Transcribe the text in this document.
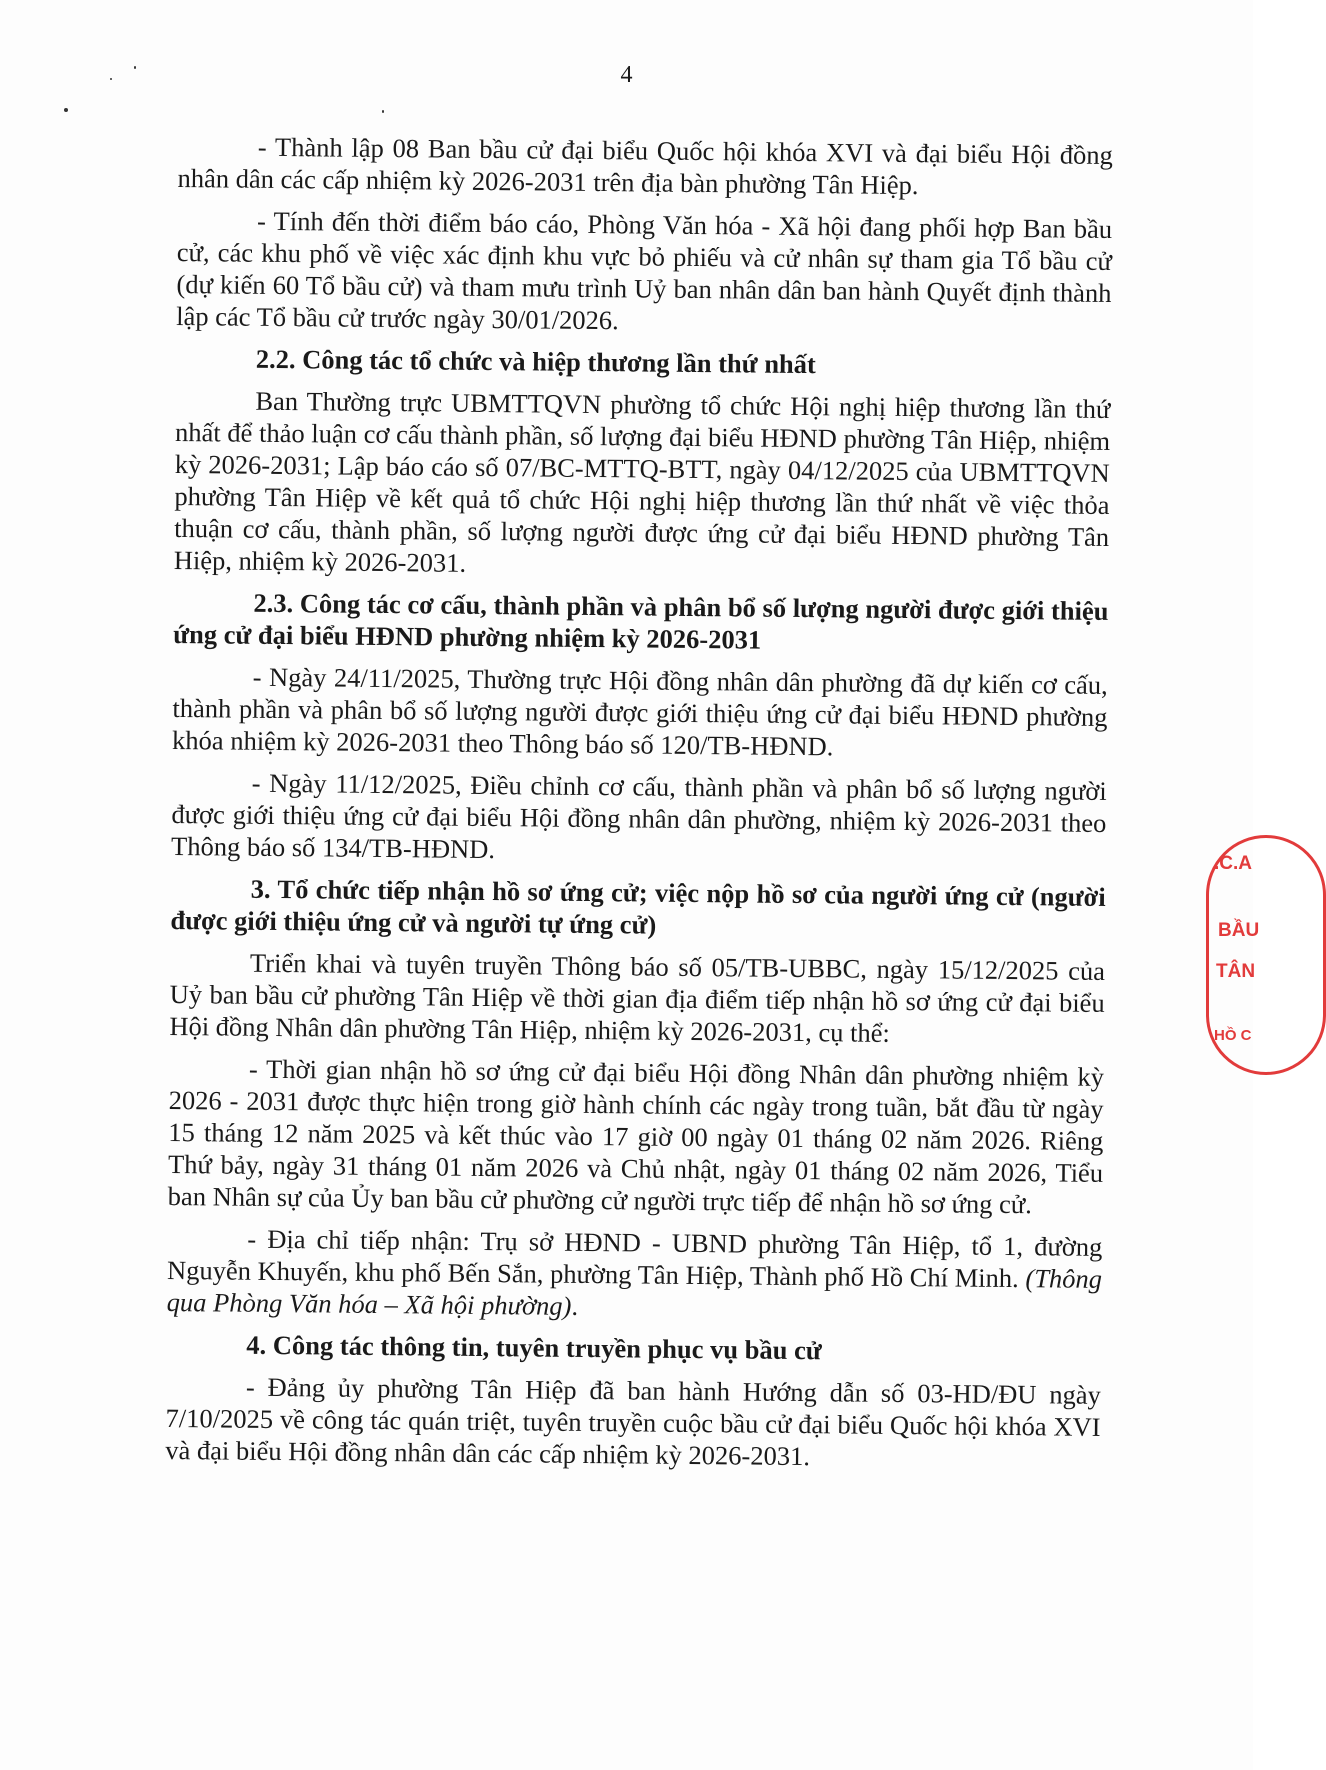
4

- Thành lập 08 Ban bầu cử đại biểu Quốc hội khóa XVI và đại biểu Hội đồng nhân dân các cấp nhiệm kỳ 2026-2031 trên địa bàn phường Tân Hiệp.

- Tính đến thời điểm báo cáo, Phòng Văn hóa - Xã hội đang phối hợp Ban bầu cử, các khu phố về việc xác định khu vực bỏ phiếu và cử nhân sự tham gia Tổ bầu cử (dự kiến 60 Tổ bầu cử) và tham mưu trình Uỷ ban nhân dân ban hành Quyết định thành lập các Tổ bầu cử trước ngày 30/01/2026.

2.2. Công tác tổ chức và hiệp thương lần thứ nhất

Ban Thường trực UBMTTQVN phường tổ chức Hội nghị hiệp thương lần thứ nhất để thảo luận cơ cấu thành phần, số lượng đại biểu HĐND phường Tân Hiệp, nhiệm kỳ 2026-2031; Lập báo cáo số 07/BC-MTTQ-BTT, ngày 04/12/2025 của UBMTTQVN phường Tân Hiệp về kết quả tổ chức Hội nghị hiệp thương lần thứ nhất về việc thỏa thuận cơ cấu, thành phần, số lượng người được ứng cử đại biểu HĐND phường Tân Hiệp, nhiệm kỳ 2026-2031.

2.3. Công tác cơ cấu, thành phần và phân bổ số lượng người được giới thiệu ứng cử đại biểu HĐND phường nhiệm kỳ 2026-2031

- Ngày 24/11/2025, Thường trực Hội đồng nhân dân phường đã dự kiến cơ cấu, thành phần và phân bổ số lượng người được giới thiệu ứng cử đại biểu HĐND phường khóa nhiệm kỳ 2026-2031 theo Thông báo số 120/TB-HĐND.

- Ngày 11/12/2025, Điều chỉnh cơ cấu, thành phần và phân bổ số lượng người được giới thiệu ứng cử đại biểu Hội đồng nhân dân phường, nhiệm kỳ 2026-2031 theo Thông báo số 134/TB-HĐND.

3. Tổ chức tiếp nhận hồ sơ ứng cử; việc nộp hồ sơ của người ứng cử (người được giới thiệu ứng cử và người tự ứng cử)

Triển khai và tuyên truyền Thông báo số 05/TB-UBBC, ngày 15/12/2025 của Uỷ ban bầu cử phường Tân Hiệp về thời gian địa điểm tiếp nhận hồ sơ ứng cử đại biểu Hội đồng Nhân dân phường Tân Hiệp, nhiệm kỳ 2026-2031, cụ thể:

- Thời gian nhận hồ sơ ứng cử đại biểu Hội đồng Nhân dân phường nhiệm kỳ 2026 - 2031 được thực hiện trong giờ hành chính các ngày trong tuần, bắt đầu từ ngày 15 tháng 12 năm 2025 và kết thúc vào 17 giờ 00 ngày 01 tháng 02 năm 2026. Riêng Thứ bảy, ngày 31 tháng 01 năm 2026 và Chủ nhật, ngày 01 tháng 02 năm 2026, Tiểu ban Nhân sự của Ủy ban bầu cử phường cử người trực tiếp để nhận hồ sơ ứng cử.

- Địa chỉ tiếp nhận: Trụ sở HĐND - UBND phường Tân Hiệp, tổ 1, đường Nguyễn Khuyến, khu phố Bến Sắn, phường Tân Hiệp, Thành phố Hồ Chí Minh. (Thông qua Phòng Văn hóa – Xã hội phường).

4. Công tác thông tin, tuyên truyền phục vụ bầu cử

- Đảng ủy phường Tân Hiệp đã ban hành Hướng dẫn số 03-HD/ĐU ngày 7/10/2025 về công tác quán triệt, tuyên truyền cuộc bầu cử đại biểu Quốc hội khóa XVI và đại biểu Hội đồng nhân dân các cấp nhiệm kỳ 2026-2031.

.C.A
BẦU
TÂN
HỒ C
